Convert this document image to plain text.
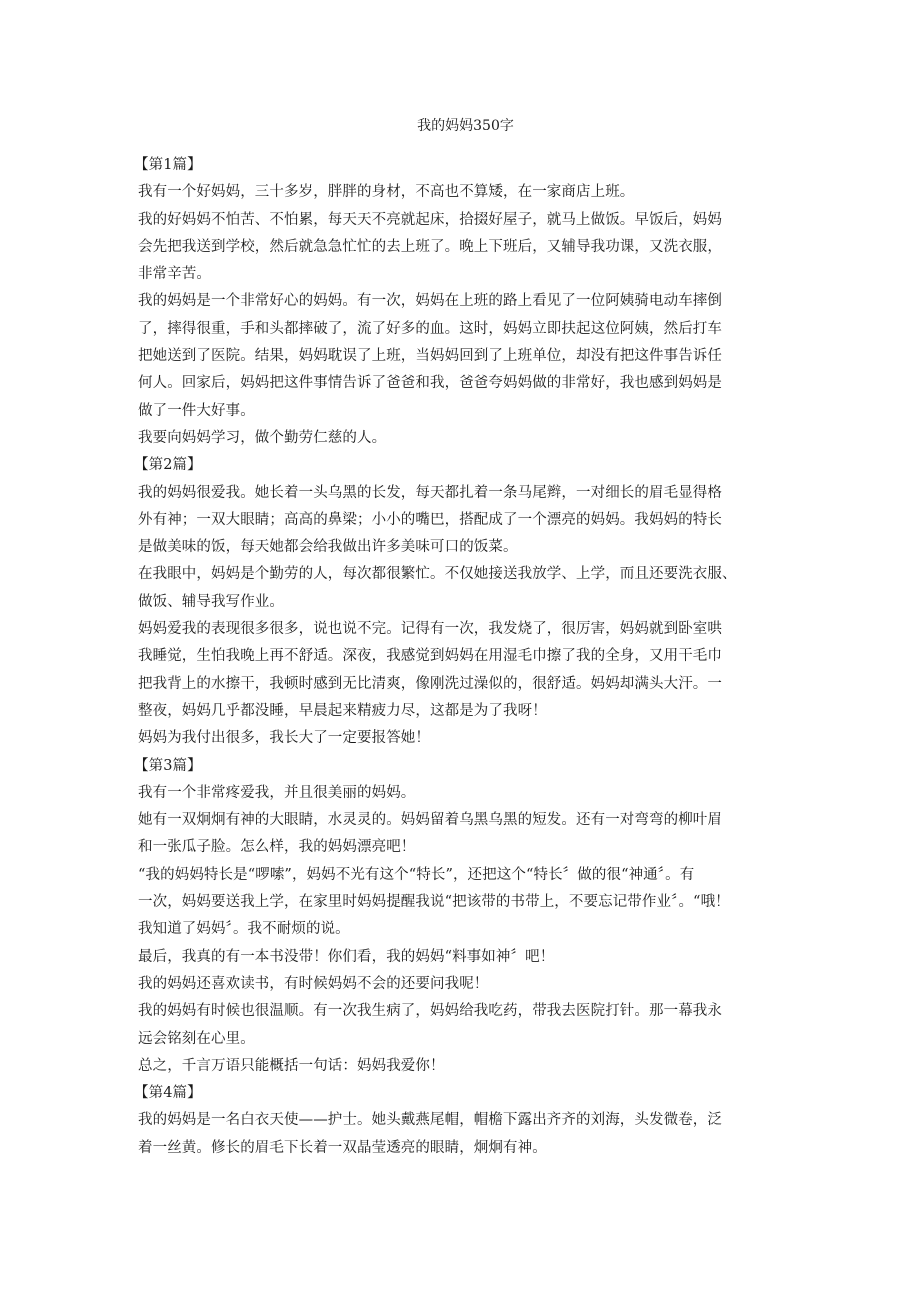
我的妈妈350字

【第1篇】

我有一个好妈妈，三十多岁，胖胖的身材，不高也不算矮，在一家商店上班。

我的好妈妈不怕苦、不怕累，每天天不亮就起床，拾掇好屋子，就马上做饭。早饭后，妈妈

会先把我送到学校，然后就急急忙忙的去上班了。晚上下班后，又辅导我功课，又洗衣服，

非常辛苦。

我的妈妈是一个非常好心的妈妈。有一次，妈妈在上班的路上看见了一位阿姨骑电动车摔倒

了，摔得很重，手和头都摔破了，流了好多的血。这时，妈妈立即扶起这位阿姨，然后打车

把她送到了医院。结果，妈妈耽误了上班，当妈妈回到了上班单位，却没有把这件事告诉任

何人。回家后，妈妈把这件事情告诉了爸爸和我，爸爸夸妈妈做的非常好，我也感到妈妈是

做了一件大好事。

我要向妈妈学习，做个勤劳仁慈的人。

【第2篇】

我的妈妈很爱我。她长着一头乌黑的长发，每天都扎着一条马尾辫，一对细长的眉毛显得格

外有神；一双大眼睛；高高的鼻梁；小小的嘴巴，搭配成了一个漂亮的妈妈。我妈妈的特长

是做美味的饭，每天她都会给我做出许多美味可口的饭菜。

在我眼中，妈妈是个勤劳的人，每次都很繁忙。不仅她接送我放学、上学，而且还要洗衣服、

做饭、辅导我写作业。

妈妈爱我的表现很多很多，说也说不完。记得有一次，我发烧了，很厉害，妈妈就到卧室哄

我睡觉，生怕我晚上再不舒适。深夜，我感觉到妈妈在用湿毛巾擦了我的全身，又用干毛巾

把我背上的水擦干，我顿时感到无比清爽，像刚洗过澡似的，很舒适。妈妈却满头大汗。一

整夜，妈妈几乎都没睡，早晨起来精疲力尽，这都是为了我呀！

妈妈为我付出很多，我长大了一定要报答她！

【第3篇】

我有一个非常疼爱我，并且很美丽的妈妈。

她有一双炯炯有神的大眼睛，水灵灵的。妈妈留着乌黑乌黑的短发。还有一对弯弯的柳叶眉

和一张瓜子脸。怎么样，我的妈妈漂亮吧！

“我的妈妈特长是“啰嗦”，妈妈不光有这个“特长”，还把这个“特长〞做的很“神通〞。有

一次，妈妈要送我上学，在家里时妈妈提醒我说“把该带的书带上，不要忘记带作业〞。“哦！

我知道了妈妈〞。我不耐烦的说。

最后，我真的有一本书没带！你们看，我的妈妈“料事如神〞吧！

我的妈妈还喜欢读书，有时候妈妈不会的还要问我呢！

我的妈妈有时候也很温顺。有一次我生病了，妈妈给我吃药，带我去医院打针。那一幕我永

远会铭刻在心里。

总之，千言万语只能概括一句话：妈妈我爱你！

【第4篇】

我的妈妈是一名白衣天使——护士。她头戴燕尾帽，帽檐下露出齐齐的刘海，头发微卷，泛

着一丝黄。修长的眉毛下长着一双晶莹透亮的眼睛，炯炯有神。
